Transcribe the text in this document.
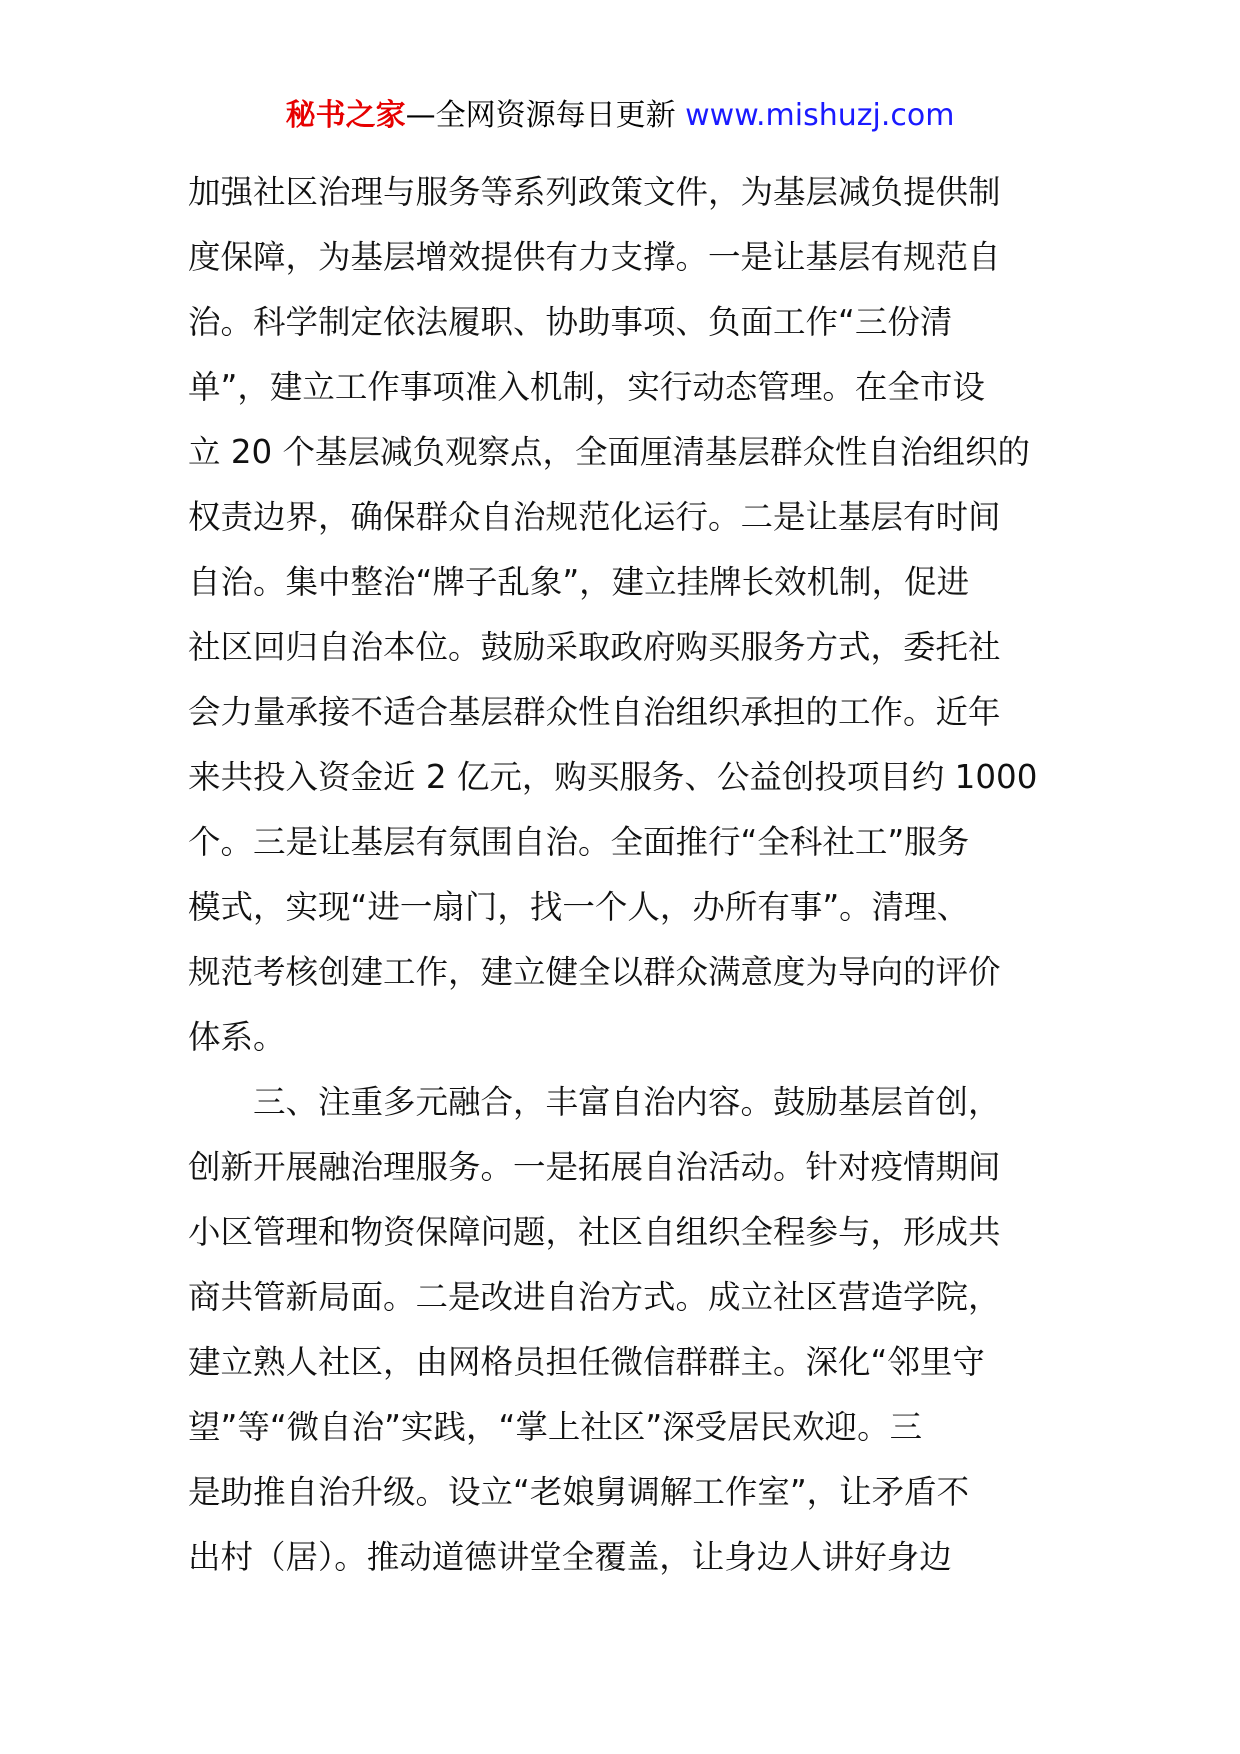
秘书之家—全网资源每日更新 www.mishuzj.com
加强社区治理与服务等系列政策文件，为基层减负提供制
度保障，为基层增效提供有力支撑。一是让基层有规范自
治。科学制定依法履职、协助事项、负面工作“三份清
单”，建立工作事项准入机制，实行动态管理。在全市设
立 20 个基层减负观察点，全面厘清基层群众性自治组织的
权责边界，确保群众自治规范化运行。二是让基层有时间
自治。集中整治“牌子乱象”，建立挂牌长效机制，促进
社区回归自治本位。鼓励采取政府购买服务方式，委托社
会力量承接不适合基层群众性自治组织承担的工作。近年
来共投入资金近 2 亿元，购买服务、公益创投项目约 1000
个。三是让基层有氛围自治。全面推行“全科社工”服务
模式，实现“进一扇门，找一个人，办所有事”。清理、
规范考核创建工作，建立健全以群众满意度为导向的评价
体系。
三、注重多元融合，丰富自治内容。鼓励基层首创，
创新开展融治理服务。一是拓展自治活动。针对疫情期间
小区管理和物资保障问题，社区自组织全程参与，形成共
商共管新局面。二是改进自治方式。成立社区营造学院，
建立熟人社区，由网格员担任微信群群主。深化“邻里守
望”等“微自治”实践，“掌上社区”深受居民欢迎。三
是助推自治升级。设立“老娘舅调解工作室”，让矛盾不
出村（居）。推动道德讲堂全覆盖，让身边人讲好身边
